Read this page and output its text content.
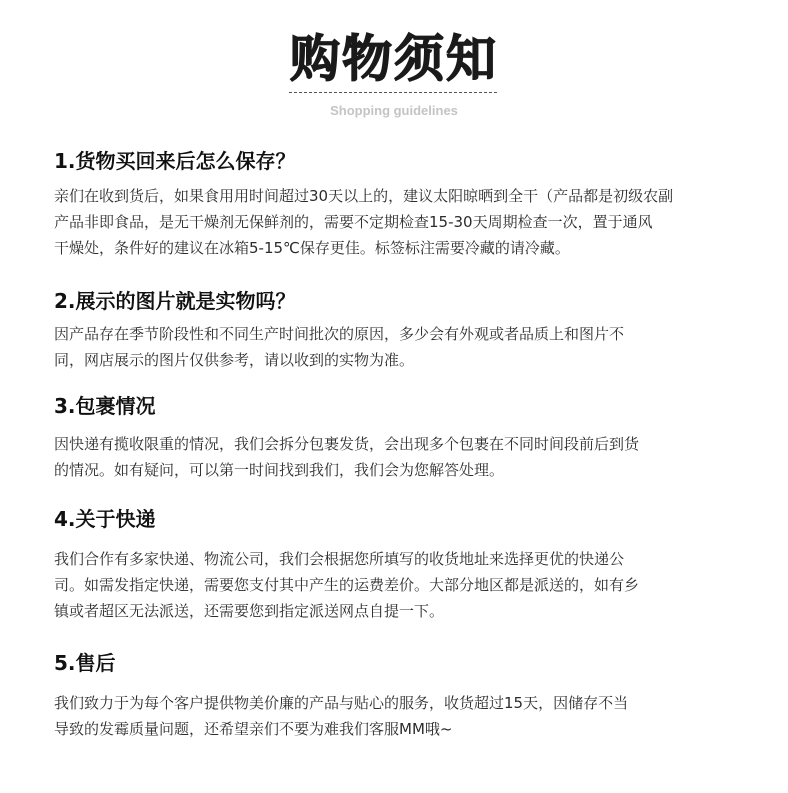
购物须知
Shopping guidelines
1.货物买回来后怎么保存？

亲们在收到货后，如果食用用时间超过30天以上的，建议太阳晾晒到全干（产品都是初级农副
产品非即食品，是无干燥剂无保鲜剂的，需要不定期检查15-30天周期检查一次，置于通风
干燥处，条件好的建议在冰箱5-15℃保存更佳。标签标注需要冷藏的请冷藏。

2.展示的图片就是实物吗？

因产品存在季节阶段性和不同生产时间批次的原因，多少会有外观或者品质上和图片不
同，网店展示的图片仅供参考，请以收到的实物为准。

3.包裹情况

因快递有揽收限重的情况，我们会拆分包裹发货，会出现多个包裹在不同时间段前后到货
的情况。如有疑问，可以第一时间找到我们，我们会为您解答处理。

4.关于快递

我们合作有多家快递、物流公司，我们会根据您所填写的收货地址来选择更优的快递公
司。如需发指定快递，需要您支付其中产生的运费差价。大部分地区都是派送的，如有乡
镇或者超区无法派送，还需要您到指定派送网点自提一下。

5.售后

我们致力于为每个客户提供物美价廉的产品与贴心的服务，收货超过15天，因储存不当
导致的发霉质量问题，还希望亲们不要为难我们客服MM哦~
